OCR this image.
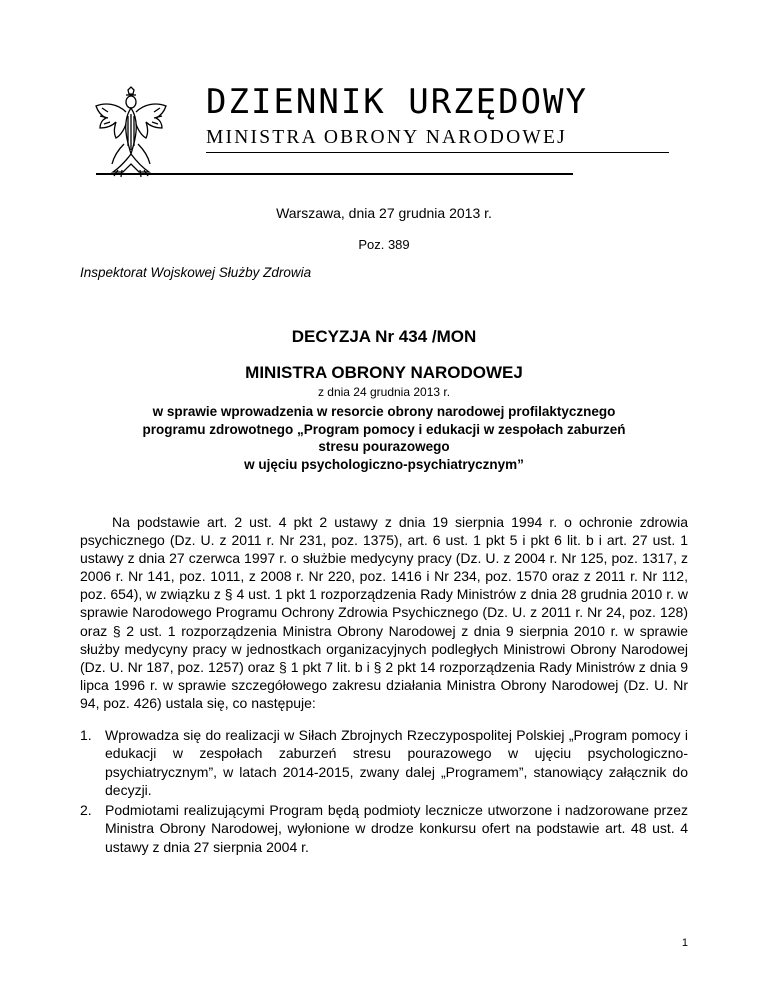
DZIENNIK URZĘDOWY
MINISTRA OBRONY NARODOWEJ
Warszawa, dnia 27 grudnia 2013 r.
Poz. 389
Inspektorat Wojskowej Służby Zdrowia
DECYZJA Nr 434 /MON
MINISTRA OBRONY NARODOWEJ
z dnia 24 grudnia 2013 r.
w sprawie wprowadzenia w resorcie obrony narodowej profilaktycznego
programu zdrowotnego „Program pomocy i edukacji w zespołach zaburzeń
stresu pourazowego
w ujęciu psychologiczno-psychiatrycznym”

Na podstawie art. 2 ust. 4 pkt 2 ustawy z dnia 19 sierpnia 1994 r. o ochronie zdrowia psychicznego (Dz. U. z 2011 r. Nr 231, poz. 1375), art. 6 ust. 1 pkt 5 i pkt 6 lit. b i art. 27 ust. 1 ustawy z dnia 27 czerwca 1997 r. o służbie medycyny pracy (Dz. U. z 2004 r. Nr 125, poz. 1317, z 2006 r. Nr 141, poz. 1011, z 2008 r. Nr 220, poz. 1416 i Nr 234, poz. 1570 oraz z 2011 r. Nr 112, poz. 654), w związku z § 4 ust. 1 pkt 1 rozporządzenia Rady Ministrów z dnia 28 grudnia 2010 r. w sprawie Narodowego Programu Ochrony Zdrowia Psychicznego (Dz. U. z 2011 r. Nr 24, poz. 128) oraz § 2 ust. 1 rozporządzenia Ministra Obrony Narodowej z dnia 9 sierpnia 2010 r. w sprawie służby medycyny pracy w jednostkach organizacyjnych podległych Ministrowi Obrony Narodowej (Dz. U. Nr 187, poz. 1257) oraz § 1 pkt 7 lit. b i § 2 pkt 14 rozporządzenia Rady Ministrów z dnia 9 lipca 1996 r. w sprawie szczegółowego zakresu działania Ministra Obrony Narodowej (Dz. U. Nr 94, poz. 426) ustala się, co następuje:

1. Wprowadza się do realizacji w Siłach Zbrojnych Rzeczypospolitej Polskiej „Program pomocy i edukacji w zespołach zaburzeń stresu pourazowego w ujęciu psychologiczno-psychiatrycznym”, w latach 2014-2015, zwany dalej „Programem”, stanowiący załącznik do decyzji.
2. Podmiotami realizującymi Program będą podmioty lecznicze utworzone i nadzorowane przez Ministra Obrony Narodowej, wyłonione w drodze konkursu ofert na podstawie art. 48 ust. 4 ustawy z dnia 27 sierpnia 2004 r.
1
